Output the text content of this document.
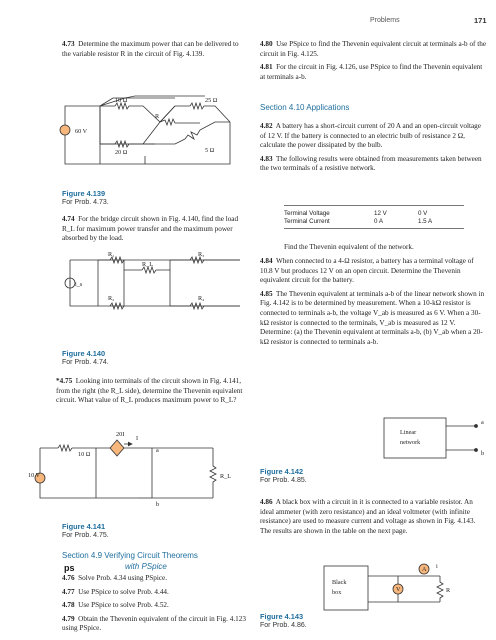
Problems	171

4.73 Determine the maximum power that can be delivered to the variable resistor R in the circuit of Fig. 4.139.

60 V
10 Ω	25 Ω
20 Ω	5 Ω
R
Figure 4.139
For Prob. 4.73.

4.74 For the bridge circuit shown in Fig. 4.140, find the load R_L for maximum power transfer and the maximum power absorbed by the load.

i_s
R₁
R₂
R₃
R₄
R_L
Figure 4.140
For Prob. 4.74.

*4.75 Looking into terminals of the circuit shown in Fig. 4.141, from the right (the R_L side), determine the Thevenin equivalent circuit. What value of R_L produces maximum power to R_L?

10 Ω
20I
I
a
b
R_L
10 V
Figure 4.141
For Prob. 4.75.
Section 4.9 Verifying Circuit Theorems
with PSpice
ps

4.76 Solve Prob. 4.34 using PSpice.

4.77 Use PSpice to solve Prob. 4.44.

4.78 Use PSpice to solve Prob. 4.52.

4.79 Obtain the Thevenin equivalent of the circuit in Fig. 4.123 using PSpice.

4.80 Use PSpice to find the Thevenin equivalent circuit at terminals a-b of the circuit in Fig. 4.125.

4.81 For the circuit in Fig. 4.126, use PSpice to find the Thevenin equivalent at terminals a-b.

Section 4.10 Applications

4.82 A battery has a short-circuit current of 20 A and an open-circuit voltage of 12 V. If the battery is connected to an electric bulb of resistance 2 Ω, calculate the power dissipated by the bulb.

4.83 The following results were obtained from measurements taken between the two terminals of a resistive network.

Terminal Voltage	12 V	0 V
Terminal Current	0 A	1.5 A

Find the Thevenin equivalent of the network.

4.84 When connected to a 4-Ω resistor, a battery has a terminal voltage of 10.8 V but produces 12 V on an open circuit. Determine the Thevenin equivalent circuit for the battery.

4.85 The Thevenin equivalent at terminals a-b of the linear network shown in Fig. 4.142 is to be determined by measurement. When a 10-kΩ resistor is connected to terminals a-b, the voltage V_ab is measured as 6 V. When a 30-kΩ resistor is connected to the terminals, V_ab is measured as 12 V. Determine: (a) the Thevenin equivalent at terminals a-b, (b) V_ab when a 20-kΩ resistor is connected to terminals a-b.

Linear
network
a
b
Figure 4.142
For Prob. 4.85.

4.86 A black box with a circuit in it is connected to a variable resistor. An ideal ammeter (with zero resistance) and an ideal voltmeter (with infinite resistance) are used to measure current and voltage as shown in Fig. 4.143. The results are shown in the table on the next page.

Black
box
A
V
i
R
Figure 4.143
For Prob. 4.86.
